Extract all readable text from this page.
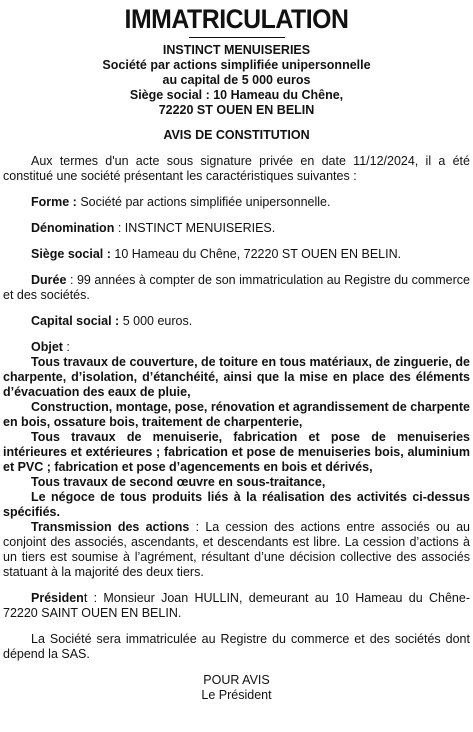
IMMATRICULATION
INSTINCT MENUISERIES
Société par actions simplifiée unipersonnelle
au capital de 5 000 euros
Siège social : 10 Hameau du Chêne,
72220 ST OUEN EN BELIN
AVIS DE CONSTITUTION

Aux termes d'un acte sous signature privée en date 11/12/2024, il a été constitué une société présentant les caractéristiques suivantes :

Forme : Société par actions simplifiée unipersonnelle.

Dénomination : INSTINCT MENUISERIES.

Siège social : 10 Hameau du Chêne, 72220 ST OUEN EN BELIN.

Durée : 99 années à compter de son immatriculation au Registre du commerce et des sociétés.

Capital social : 5 000 euros.

Objet :

Tous travaux de couverture, de toiture en tous matériaux, de zinguerie, de charpente, d’isolation, d’étanchéité, ainsi que la mise en place des éléments d’évacuation des eaux de pluie,

Construction, montage, pose, rénovation et agrandissement de charpente en bois, ossature bois, traitement de charpenterie,

Tous travaux de menuiserie, fabrication et pose de menuiseries intérieures et extérieures ; fabrication et pose de menuiseries bois, aluminium et PVC ; fabrication et pose d’agencements en bois et dérivés,

Tous travaux de second œuvre en sous-traitance,

Le négoce de tous produits liés à la réalisation des activités ci-dessus spécifiés.

Transmission des actions : La cession des actions entre associés ou au conjoint des associés, ascendants, et descendants est libre. La cession d’actions à un tiers est soumise à l’agrément, résultant d’une décision collective des associés statuant à la majorité des deux tiers.

Président : Monsieur Joan HULLIN, demeurant au 10 Hameau du Chêne- 72220 SAINT OUEN EN BELIN.

La Société sera immatriculée au Registre du commerce et des sociétés dont dépend la SAS.

POUR AVIS
Le Président
